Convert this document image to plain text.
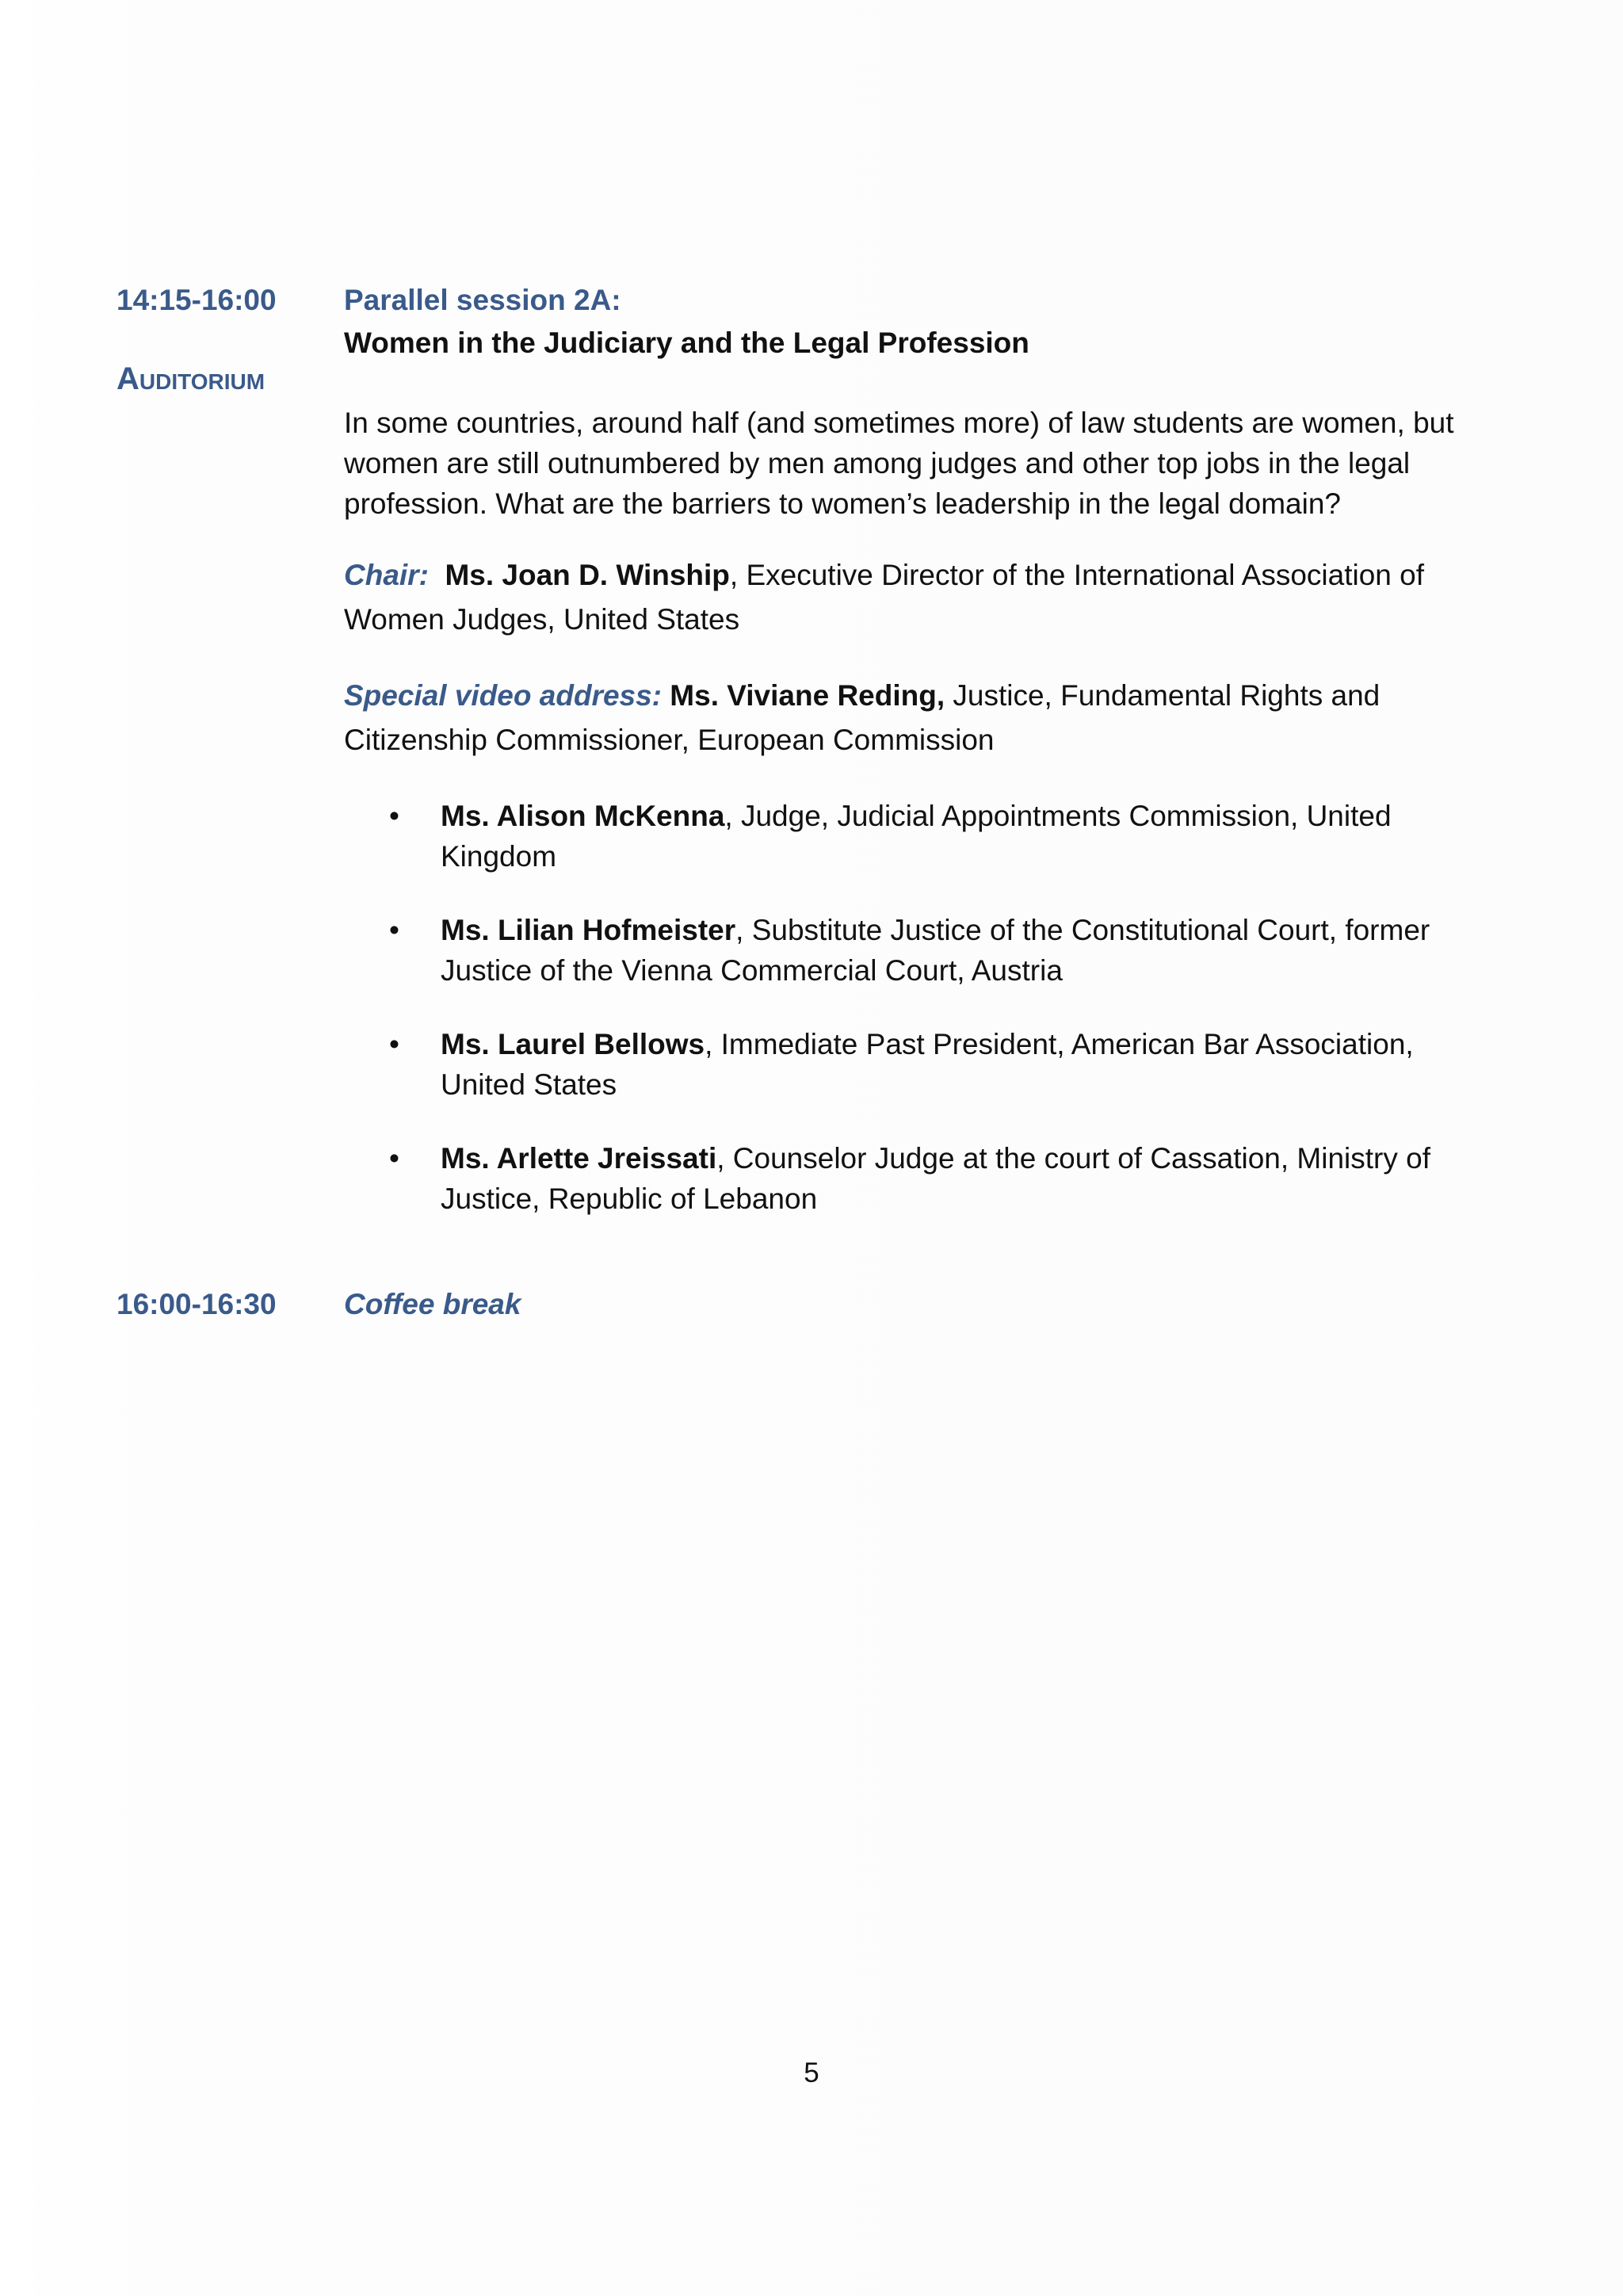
14:15-16:00
Auditorium
Parallel session 2A:
Women in the Judiciary and the Legal Profession
In some countries, around half (and sometimes more) of law students are women, but women are still outnumbered by men among judges and other top jobs in the legal profession. What are the barriers to women’s leadership in the legal domain?
Chair: Ms. Joan D. Winship, Executive Director of the International Association of Women Judges, United States
Special video address: Ms. Viviane Reding, Justice, Fundamental Rights and Citizenship Commissioner, European Commission
• Ms. Alison McKenna, Judge, Judicial Appointments Commission, United Kingdom
• Ms. Lilian Hofmeister, Substitute Justice of the Constitutional Court, former Justice of the Vienna Commercial Court, Austria
• Ms. Laurel Bellows, Immediate Past President, American Bar Association, United States
• Ms. Arlette Jreissati, Counselor Judge at the court of Cassation, Ministry of Justice, Republic of Lebanon
16:00-16:30 Coffee break
5
